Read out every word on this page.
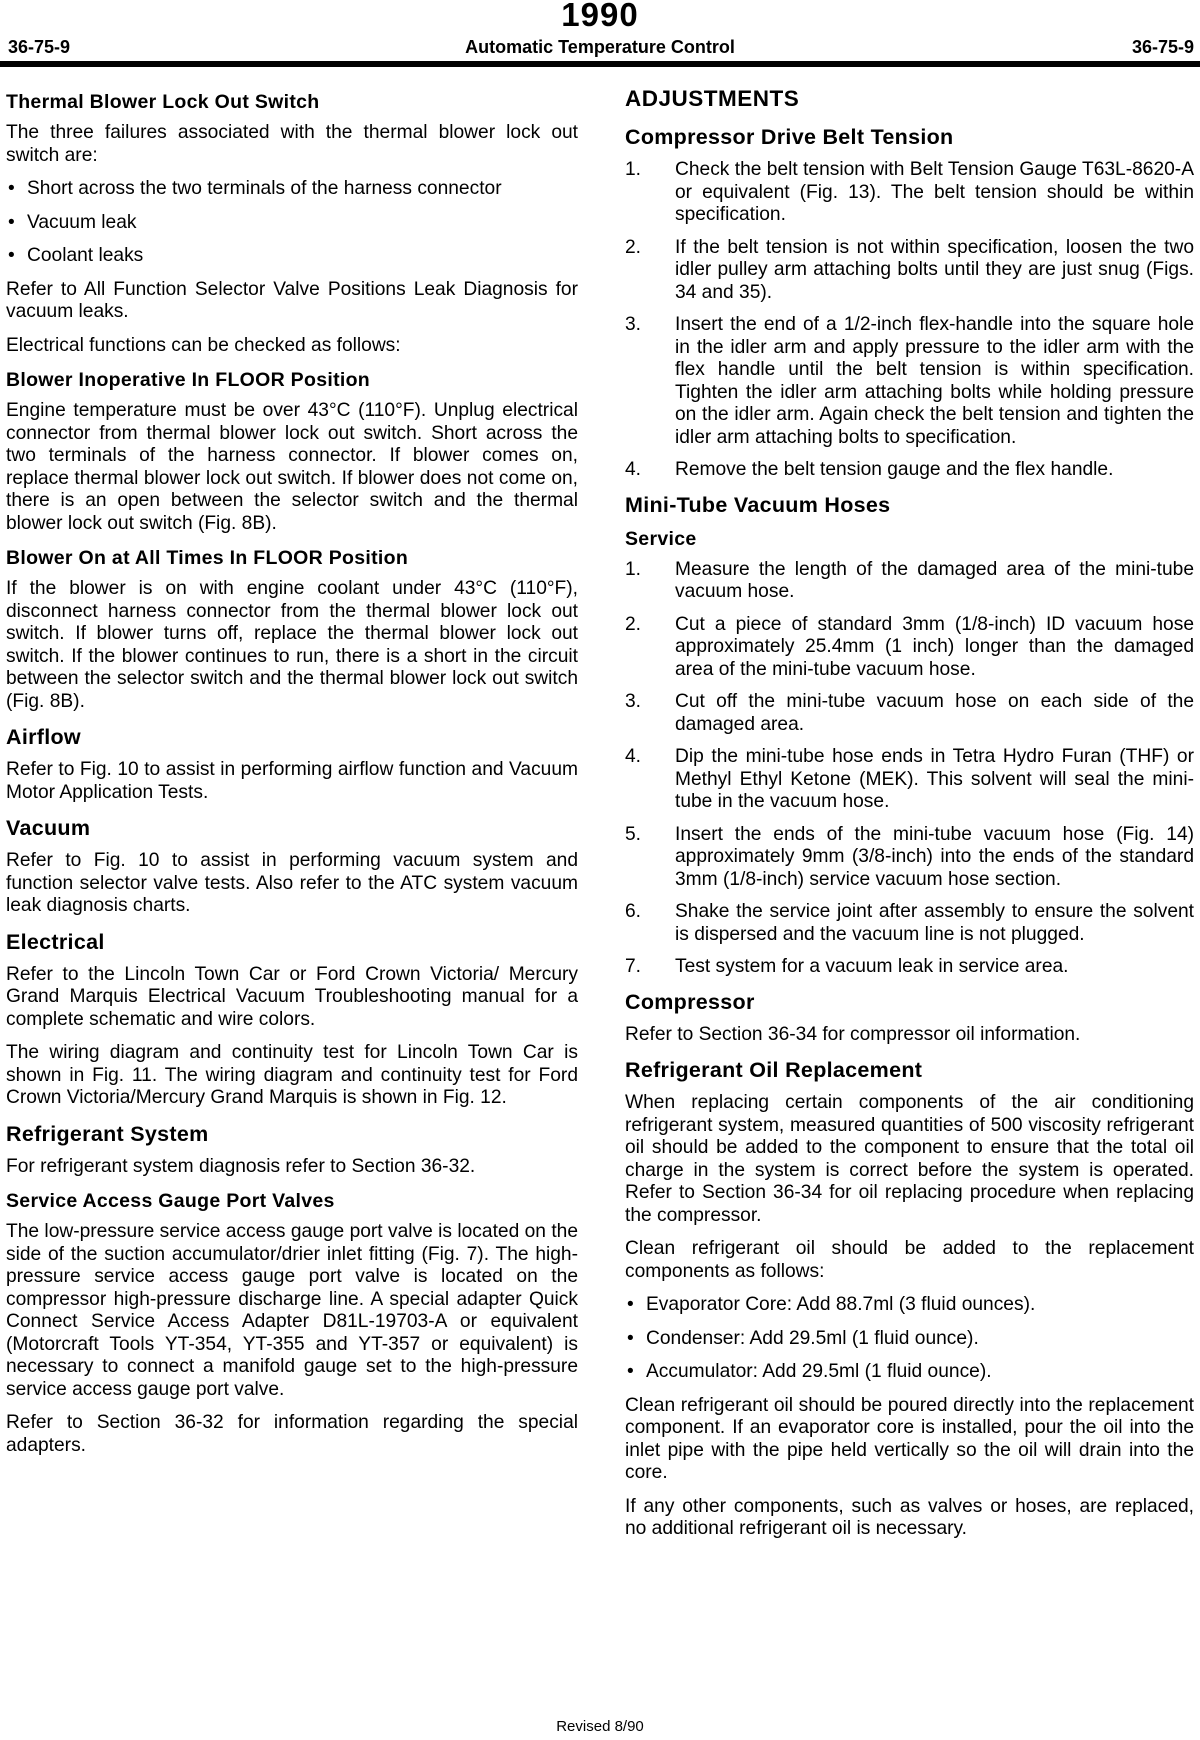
1990
36-75-9	Automatic Temperature Control	36-75-9
Thermal Blower Lock Out Switch

The three failures associated with the thermal blower lock out switch are:

• Short across the two terminals of the harness connector
• Vacuum leak
• Coolant leaks

Refer to All Function Selector Valve Positions Leak Diagnosis for vacuum leaks.

Electrical functions can be checked as follows:

Blower Inoperative In FLOOR Position

Engine temperature must be over 43°C (110°F). Unplug electrical connector from thermal blower lock out switch. Short across the two terminals of the harness connector. If blower comes on, replace thermal blower lock out switch. If blower does not come on, there is an open between the selector switch and the thermal blower lock out switch (Fig. 8B).

Blower On at All Times In FLOOR Position

If the blower is on with engine coolant under 43°C (110°F), disconnect harness connector from the thermal blower lock out switch. If blower turns off, replace the thermal blower lock out switch. If the blower continues to run, there is a short in the circuit between the selector switch and the thermal blower lock out switch (Fig. 8B).

Airflow

Refer to Fig. 10 to assist in performing airflow function and Vacuum Motor Application Tests.

Vacuum

Refer to Fig. 10 to assist in performing vacuum system and function selector valve tests. Also refer to the ATC system vacuum leak diagnosis charts.

Electrical

Refer to the Lincoln Town Car or Ford Crown Victoria/ Mercury Grand Marquis Electrical Vacuum Troubleshooting manual for a complete schematic and wire colors.

The wiring diagram and continuity test for Lincoln Town Car is shown in Fig. 11. The wiring diagram and continuity test for Ford Crown Victoria/Mercury Grand Marquis is shown in Fig. 12.

Refrigerant System

For refrigerant system diagnosis refer to Section 36-32.

Service Access Gauge Port Valves

The low-pressure service access gauge port valve is located on the side of the suction accumulator/drier inlet fitting (Fig. 7). The high-pressure service access gauge port valve is located on the compressor high-pressure discharge line. A special adapter Quick Connect Service Access Adapter D81L-19703-A or equivalent (Motorcraft Tools YT-354, YT-355 and YT-357 or equivalent) is necessary to connect a manifold gauge set to the high-pressure service access gauge port valve.

Refer to Section 36-32 for information regarding the special adapters.

ADJUSTMENTS
Compressor Drive Belt Tension
1.	Check the belt tension with Belt Tension Gauge T63L-8620-A or equivalent (Fig. 13). The belt tension should be within specification.
2.	If the belt tension is not within specification, loosen the two idler pulley arm attaching bolts until they are just snug (Figs. 34 and 35).
3.	Insert the end of a 1/2-inch flex-handle into the square hole in the idler arm and apply pressure to the idler arm with the flex handle until the belt tension is within specification. Tighten the idler arm attaching bolts while holding pressure on the idler arm. Again check the belt tension and tighten the idler arm attaching bolts to specification.
4.	Remove the belt tension gauge and the flex handle.
Mini-Tube Vacuum Hoses
Service
1.	Measure the length of the damaged area of the mini-tube vacuum hose.
2.	Cut a piece of standard 3mm (1/8-inch) ID vacuum hose approximately 25.4mm (1 inch) longer than the damaged area of the mini-tube vacuum hose.
3.	Cut off the mini-tube vacuum hose on each side of the damaged area.
4.	Dip the mini-tube hose ends in Tetra Hydro Furan (THF) or Methyl Ethyl Ketone (MEK). This solvent will seal the mini-tube in the vacuum hose.
5.	Insert the ends of the mini-tube vacuum hose (Fig. 14) approximately 9mm (3/8-inch) into the ends of the standard 3mm (1/8-inch) service vacuum hose section.
6.	Shake the service joint after assembly to ensure the solvent is dispersed and the vacuum line is not plugged.
7.	Test system for a vacuum leak in service area.
Compressor

Refer to Section 36-34 for compressor oil information.

Refrigerant Oil Replacement

When replacing certain components of the air conditioning refrigerant system, measured quantities of 500 viscosity refrigerant oil should be added to the component to ensure that the total oil charge in the system is correct before the system is operated. Refer to Section 36-34 for oil replacing procedure when replacing the compressor.

Clean refrigerant oil should be added to the replacement components as follows:

• Evaporator Core: Add 88.7ml (3 fluid ounces).
• Condenser: Add 29.5ml (1 fluid ounce).
• Accumulator: Add 29.5ml (1 fluid ounce).

Clean refrigerant oil should be poured directly into the replacement component. If an evaporator core is installed, pour the oil into the inlet pipe with the pipe held vertically so the oil will drain into the core.

If any other components, such as valves or hoses, are replaced, no additional refrigerant oil is necessary.

Revised 8/90
